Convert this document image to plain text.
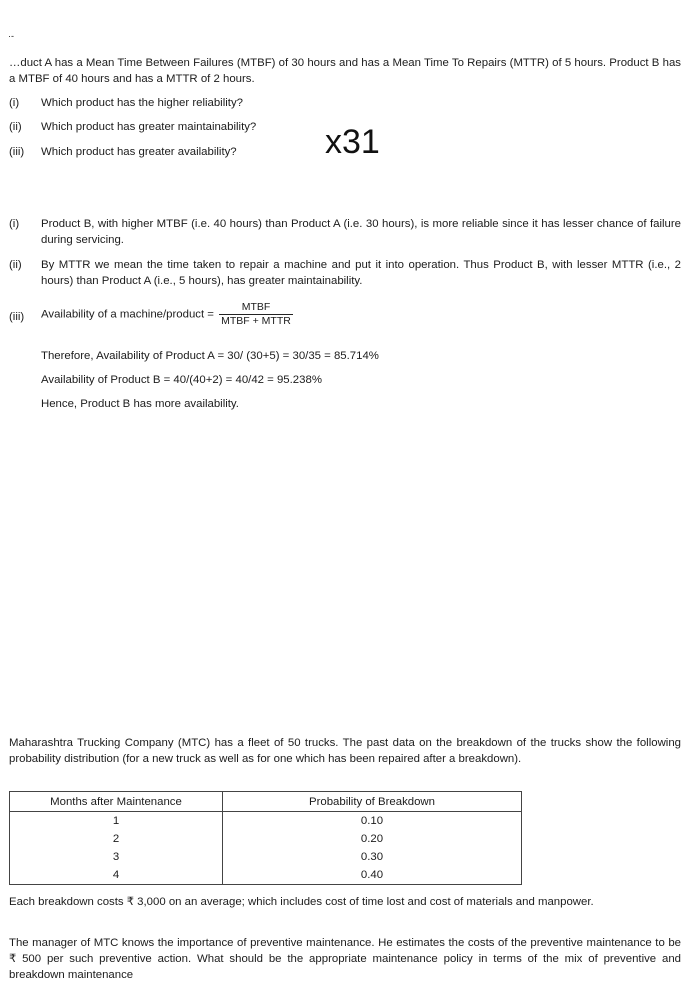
·‑
…duct A has a Mean Time Between Failures (MTBF) of 30 hours and has a Mean Time To Repairs (MTTR) of 5 hours. Product B has a MTBF of 40 hours and has a MTTR of 2 hours.
(i)	Which product has the higher reliability?
(ii)	Which product has greater maintainability?
(iii)	Which product has greater availability?	x31
(i)	Product B, with higher MTBF (i.e. 40 hours) than Product A (i.e. 30 hours), is more reliable since it has lesser chance of failure during servicing.
(ii)	By MTTR we mean the time taken to repair a machine and put it into operation. Thus Product B, with lesser MTTR (i.e., 2 hours) than Product A (i.e., 5 hours), has greater maintainability.
(iii)	Availability of a machine/product = $\frac{\text{MTBF}}{\text{MTBF + MTTR}}$
Therefore, Availability of Product A = 30/ (30+5) = 30/35 = 85.714%
Availability of Product B = 40/(40+2) = 40/42 = 95.238%
Hence, Product B has more availability.
Maharashtra Trucking Company (MTC) has a fleet of 50 trucks. The past data on the breakdown of the trucks show the following probability distribution (for a new truck as well as for one which has been repaired after a breakdown).
Months after Maintenance	Probability of Breakdown
1	0.10
2	0.20
3	0.30
4	0.40
Each breakdown costs ₹ 3,000 on an average; which includes cost of time lost and cost of materials and manpower.
The manager of MTC knows the importance of preventive maintenance. He estimates the costs of the preventive maintenance to be ₹ 500 per such preventive action. What should be the appropriate maintenance policy in terms of the mix of preventive and breakdown maintenance
